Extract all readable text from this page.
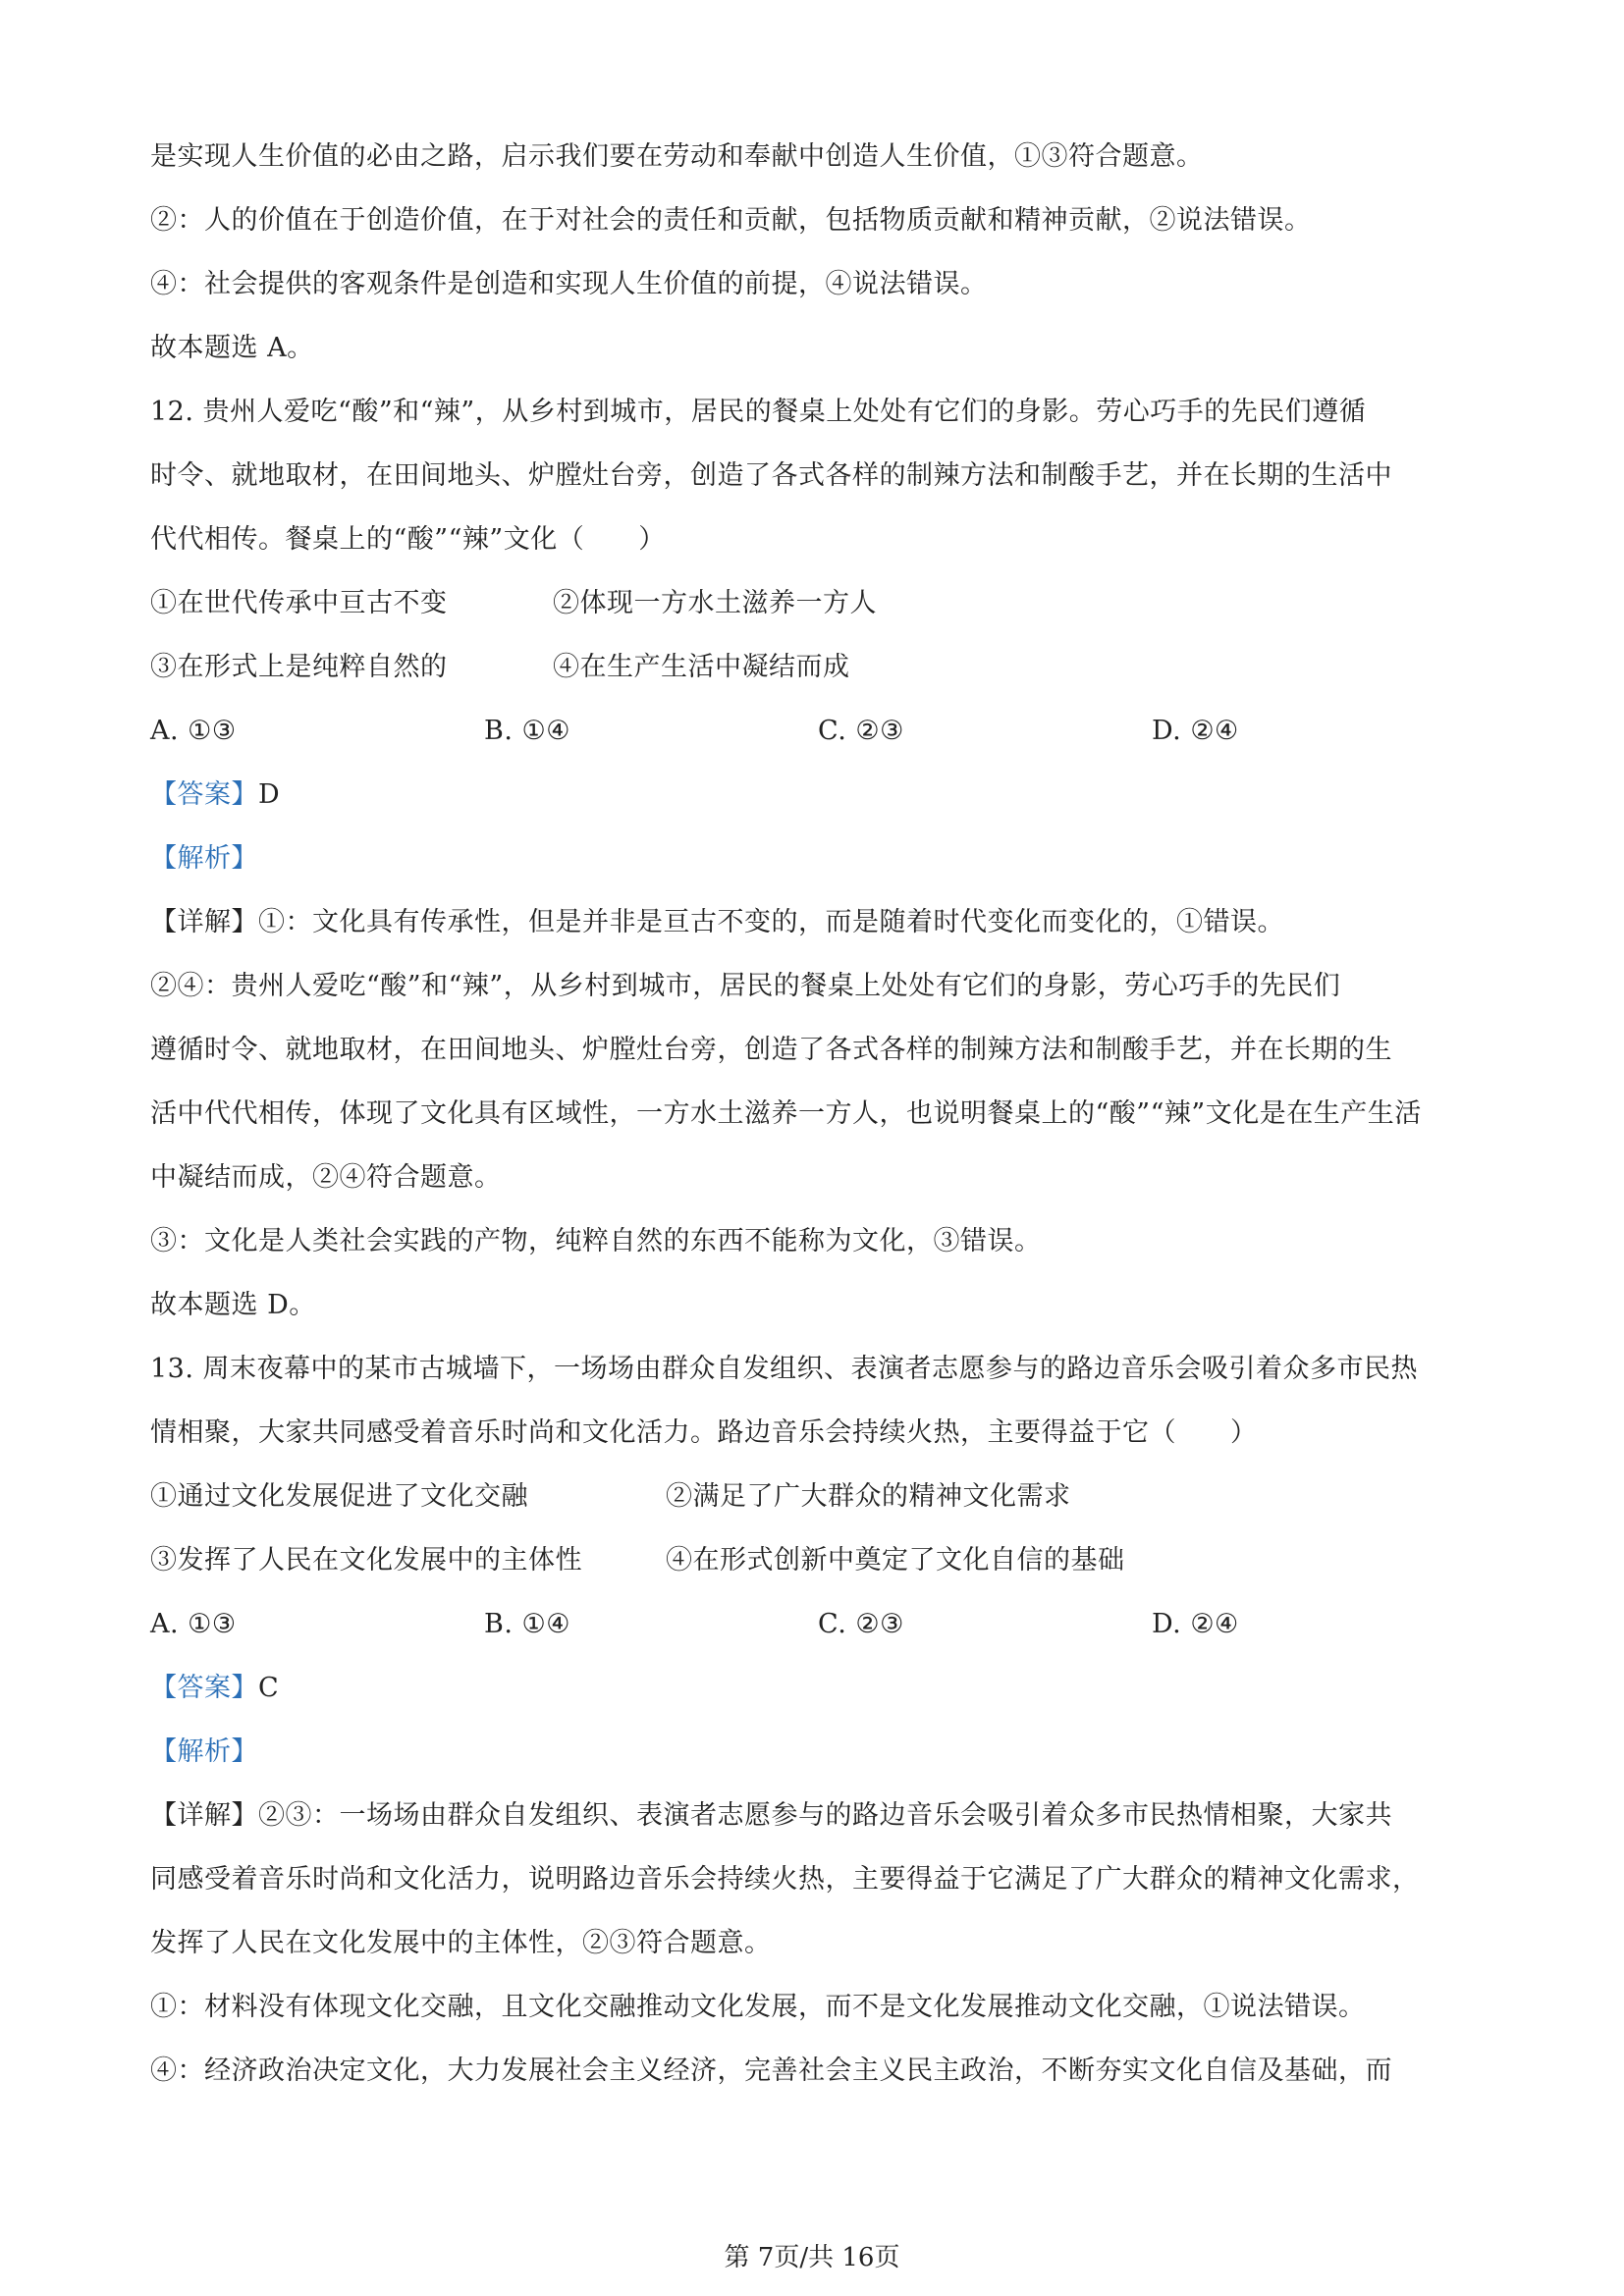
是实现人生价值的必由之路，启示我们要在劳动和奉献中创造人生价值，①③符合题意。
②：人的价值在于创造价值，在于对社会的责任和贡献，包括物质贡献和精神贡献，②说法错误。
④：社会提供的客观条件是创造和实现人生价值的前提，④说法错误。
故本题选 A。
12. 贵州人爱吃“酸”和“辣”，从乡村到城市，居民的餐桌上处处有它们的身影。劳心巧手的先民们遵循
时令、就地取材，在田间地头、炉膛灶台旁，创造了各式各样的制辣方法和制酸手艺，并在长期的生活中
代代相传。餐桌上的“酸”“辣”文化（　　）
①在世代传承中亘古不变	②体现一方水土滋养一方人
③在形式上是纯粹自然的	④在生产生活中凝结而成
A. ①③	B. ①④	C. ②③	D. ②④
【答案】D
【解析】
【详解】①：文化具有传承性，但是并非是亘古不变的，而是随着时代变化而变化的，①错误。
②④：贵州人爱吃“酸”和“辣”，从乡村到城市，居民的餐桌上处处有它们的身影，劳心巧手的先民们
遵循时令、就地取材，在田间地头、炉膛灶台旁，创造了各式各样的制辣方法和制酸手艺，并在长期的生
活中代代相传，体现了文化具有区域性，一方水土滋养一方人，也说明餐桌上的“酸”“辣”文化是在生产生活
中凝结而成，②④符合题意。
③：文化是人类社会实践的产物，纯粹自然的东西不能称为文化，③错误。
故本题选 D。
13. 周末夜幕中的某市古城墙下，一场场由群众自发组织、表演者志愿参与的路边音乐会吸引着众多市民热
情相聚，大家共同感受着音乐时尚和文化活力。路边音乐会持续火热，主要得益于它（　　）
①通过文化发展促进了文化交融	②满足了广大群众的精神文化需求
③发挥了人民在文化发展中的主体性	④在形式创新中奠定了文化自信的基础
A. ①③	B. ①④	C. ②③	D. ②④
【答案】C
【解析】
【详解】②③：一场场由群众自发组织、表演者志愿参与的路边音乐会吸引着众多市民热情相聚，大家共
同感受着音乐时尚和文化活力，说明路边音乐会持续火热，主要得益于它满足了广大群众的精神文化需求，
发挥了人民在文化发展中的主体性，②③符合题意。
①：材料没有体现文化交融，且文化交融推动文化发展，而不是文化发展推动文化交融，①说法错误。
④：经济政治决定文化，大力发展社会主义经济，完善社会主义民主政治，不断夯实文化自信及基础，而
第 7页/共 16页
